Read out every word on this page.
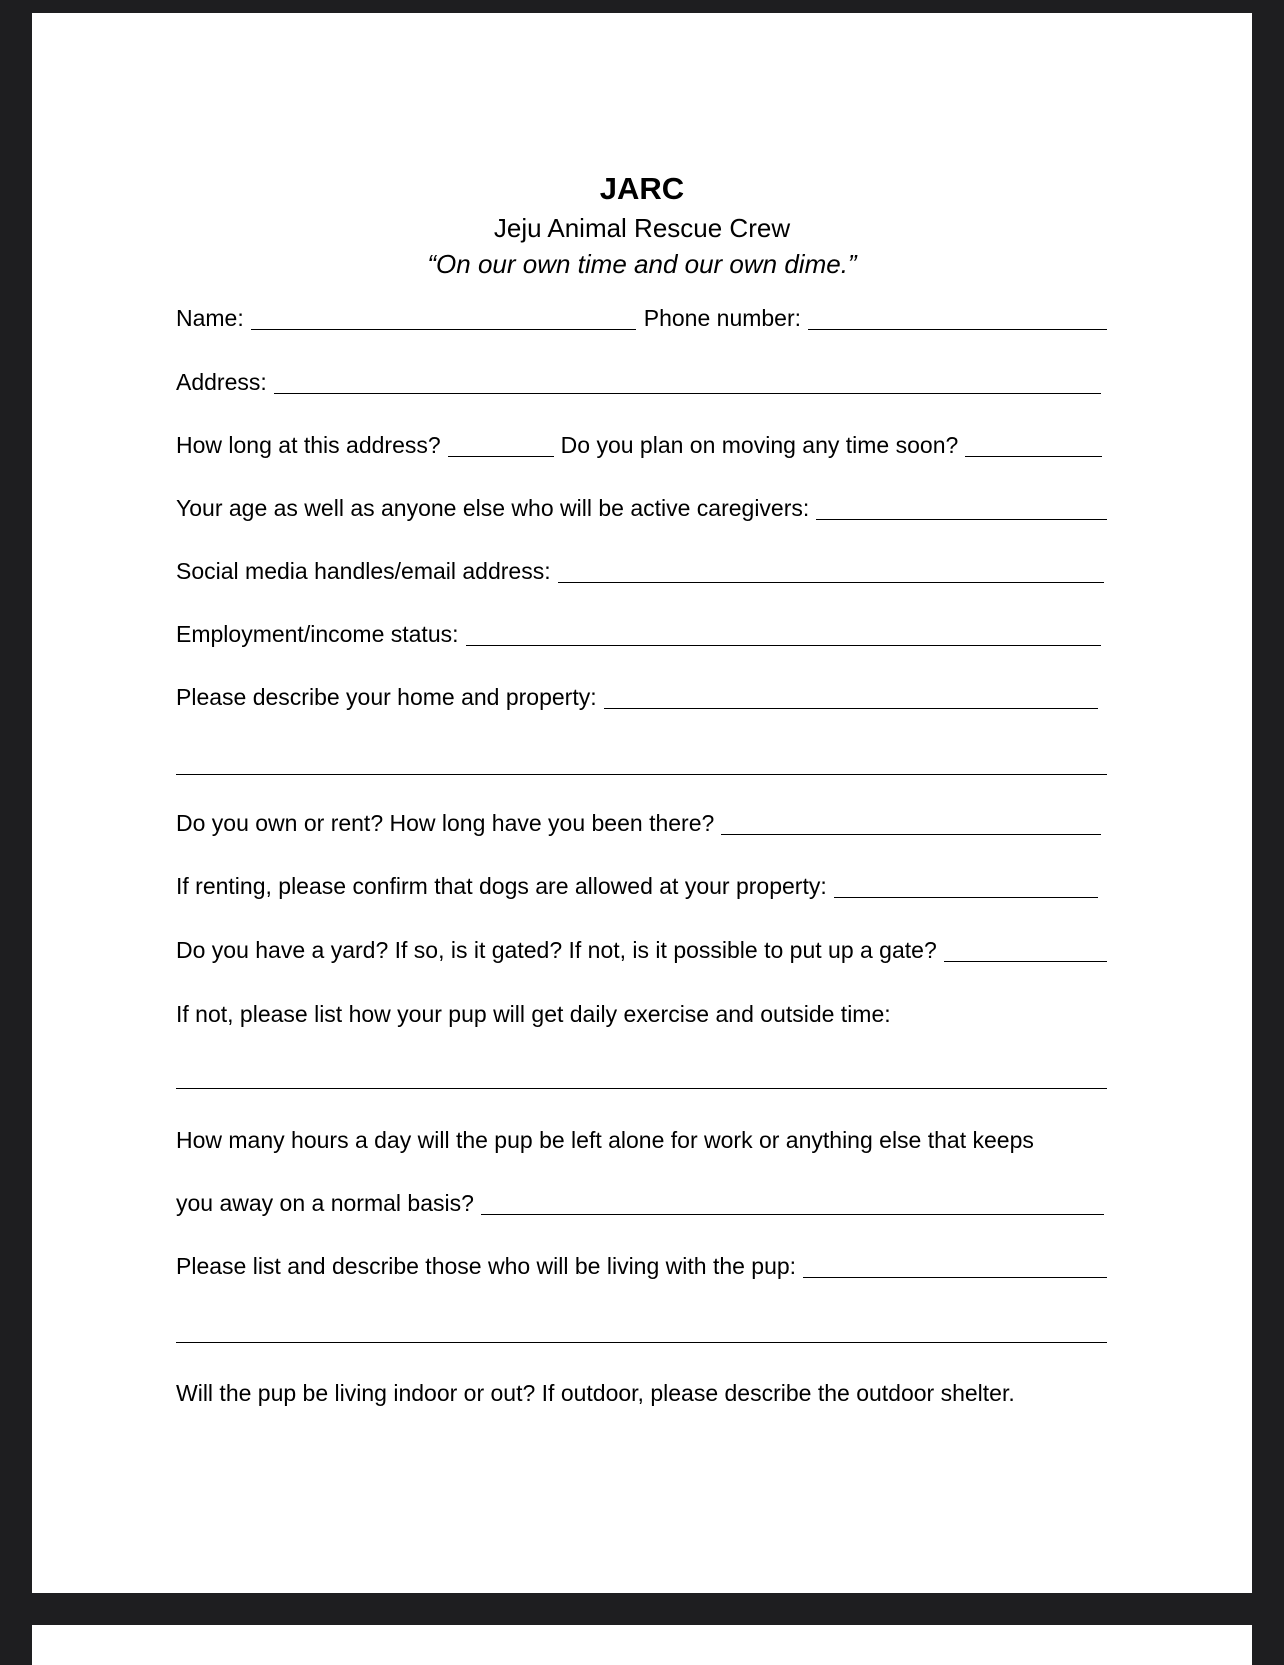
JARC
Jeju Animal Rescue Crew
“On our own time and our own dime.”
Name:	Phone number:
Address:
How long at this address?	Do you plan on moving any time soon?
Your age as well as anyone else who will be active caregivers:
Social media handles/email address:
Employment/income status:
Please describe your home and property:
Do you own or rent? How long have you been there?
If renting, please confirm that dogs are allowed at your property:
Do you have a yard? If so, is it gated? If not, is it possible to put up a gate?
If not, please list how your pup will get daily exercise and outside time:
How many hours a day will the pup be left alone for work or anything else that keeps
you away on a normal basis?
Please list and describe those who will be living with the pup:
Will the pup be living indoor or out? If outdoor, please describe the outdoor shelter.
